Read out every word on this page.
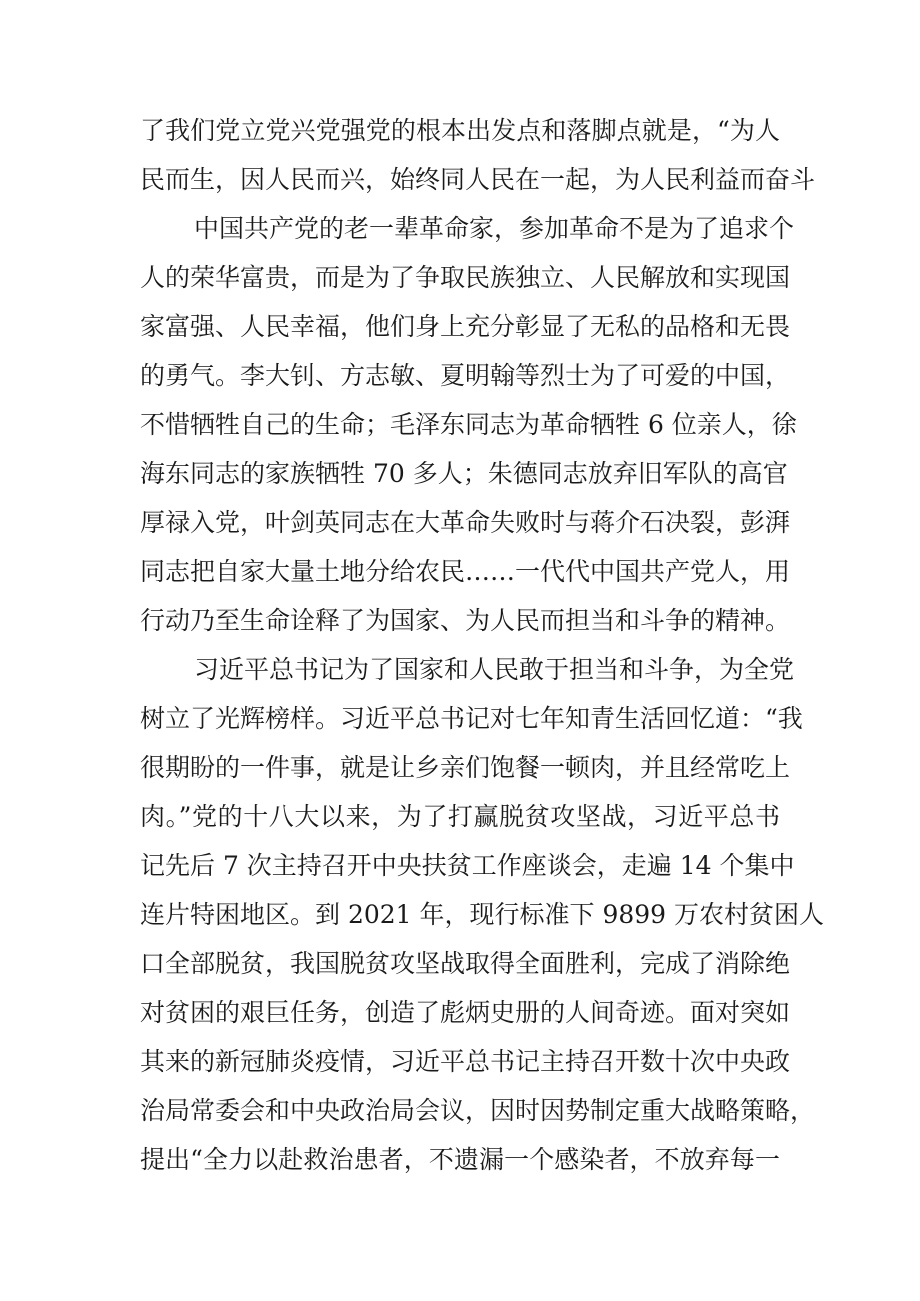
了我们党立党兴党强党的根本出发点和落脚点就是，“为人
民而生，因人民而兴，始终同人民在一起，为人民利益而奋斗
中国共产党的老一辈革命家，参加革命不是为了追求个
人的荣华富贵，而是为了争取民族独立、人民解放和实现国
家富强、人民幸福，他们身上充分彰显了无私的品格和无畏
的勇气。李大钊、方志敏、夏明翰等烈士为了可爱的中国，
不惜牺牲自己的生命；毛泽东同志为革命牺牲 6 位亲人，徐
海东同志的家族牺牲 70 多人；朱德同志放弃旧军队的高官
厚禄入党，叶剑英同志在大革命失败时与蒋介石决裂，彭湃
同志把自家大量土地分给农民……一代代中国共产党人，用
行动乃至生命诠释了为国家、为人民而担当和斗争的精神。
习近平总书记为了国家和人民敢于担当和斗争，为全党
树立了光辉榜样。习近平总书记对七年知青生活回忆道：“我
很期盼的一件事，就是让乡亲们饱餐一顿肉，并且经常吃上
肉。”党的十八大以来，为了打赢脱贫攻坚战，习近平总书
记先后 7 次主持召开中央扶贫工作座谈会，走遍 14 个集中
连片特困地区。到 2021 年，现行标准下 9899 万农村贫困人
口全部脱贫，我国脱贫攻坚战取得全面胜利，完成了消除绝
对贫困的艰巨任务，创造了彪炳史册的人间奇迹。面对突如
其来的新冠肺炎疫情，习近平总书记主持召开数十次中央政
治局常委会和中央政治局会议，因时因势制定重大战略策略，
提出“全力以赴救治患者，不遗漏一个感染者，不放弃每一
